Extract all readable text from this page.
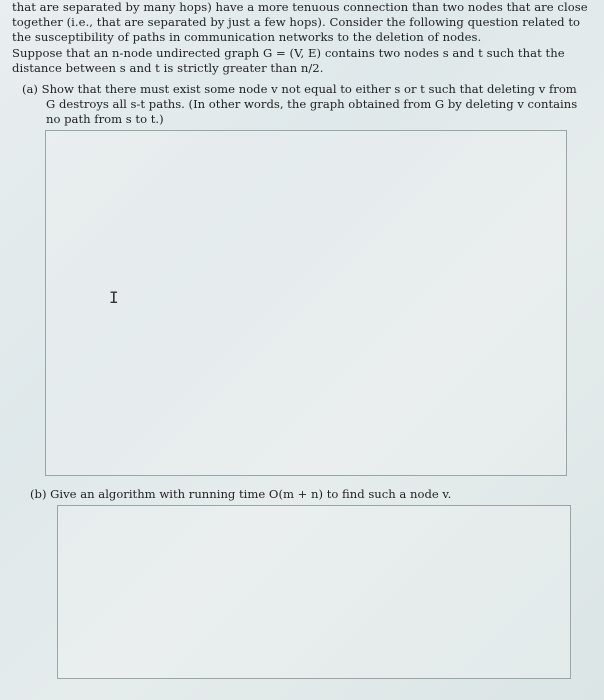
that are separated by many hops) have a more tenuous connection than two nodes that are close
together (i.e., that are separated by just a few hops). Consider the following question related to
the susceptibility of paths in communication networks to the deletion of nodes.
Suppose that an n-node undirected graph G = (V, E) contains two nodes s and t such that the
distance between s and t is strictly greater than n/2.
(a) Show that there must exist some node v not equal to either s or t such that deleting v from
G destroys all s-t paths. (In other words, the graph obtained from G by deleting v contains
no path from s to t.)
I
(b) Give an algorithm with running time O(m + n) to find such a node v.
